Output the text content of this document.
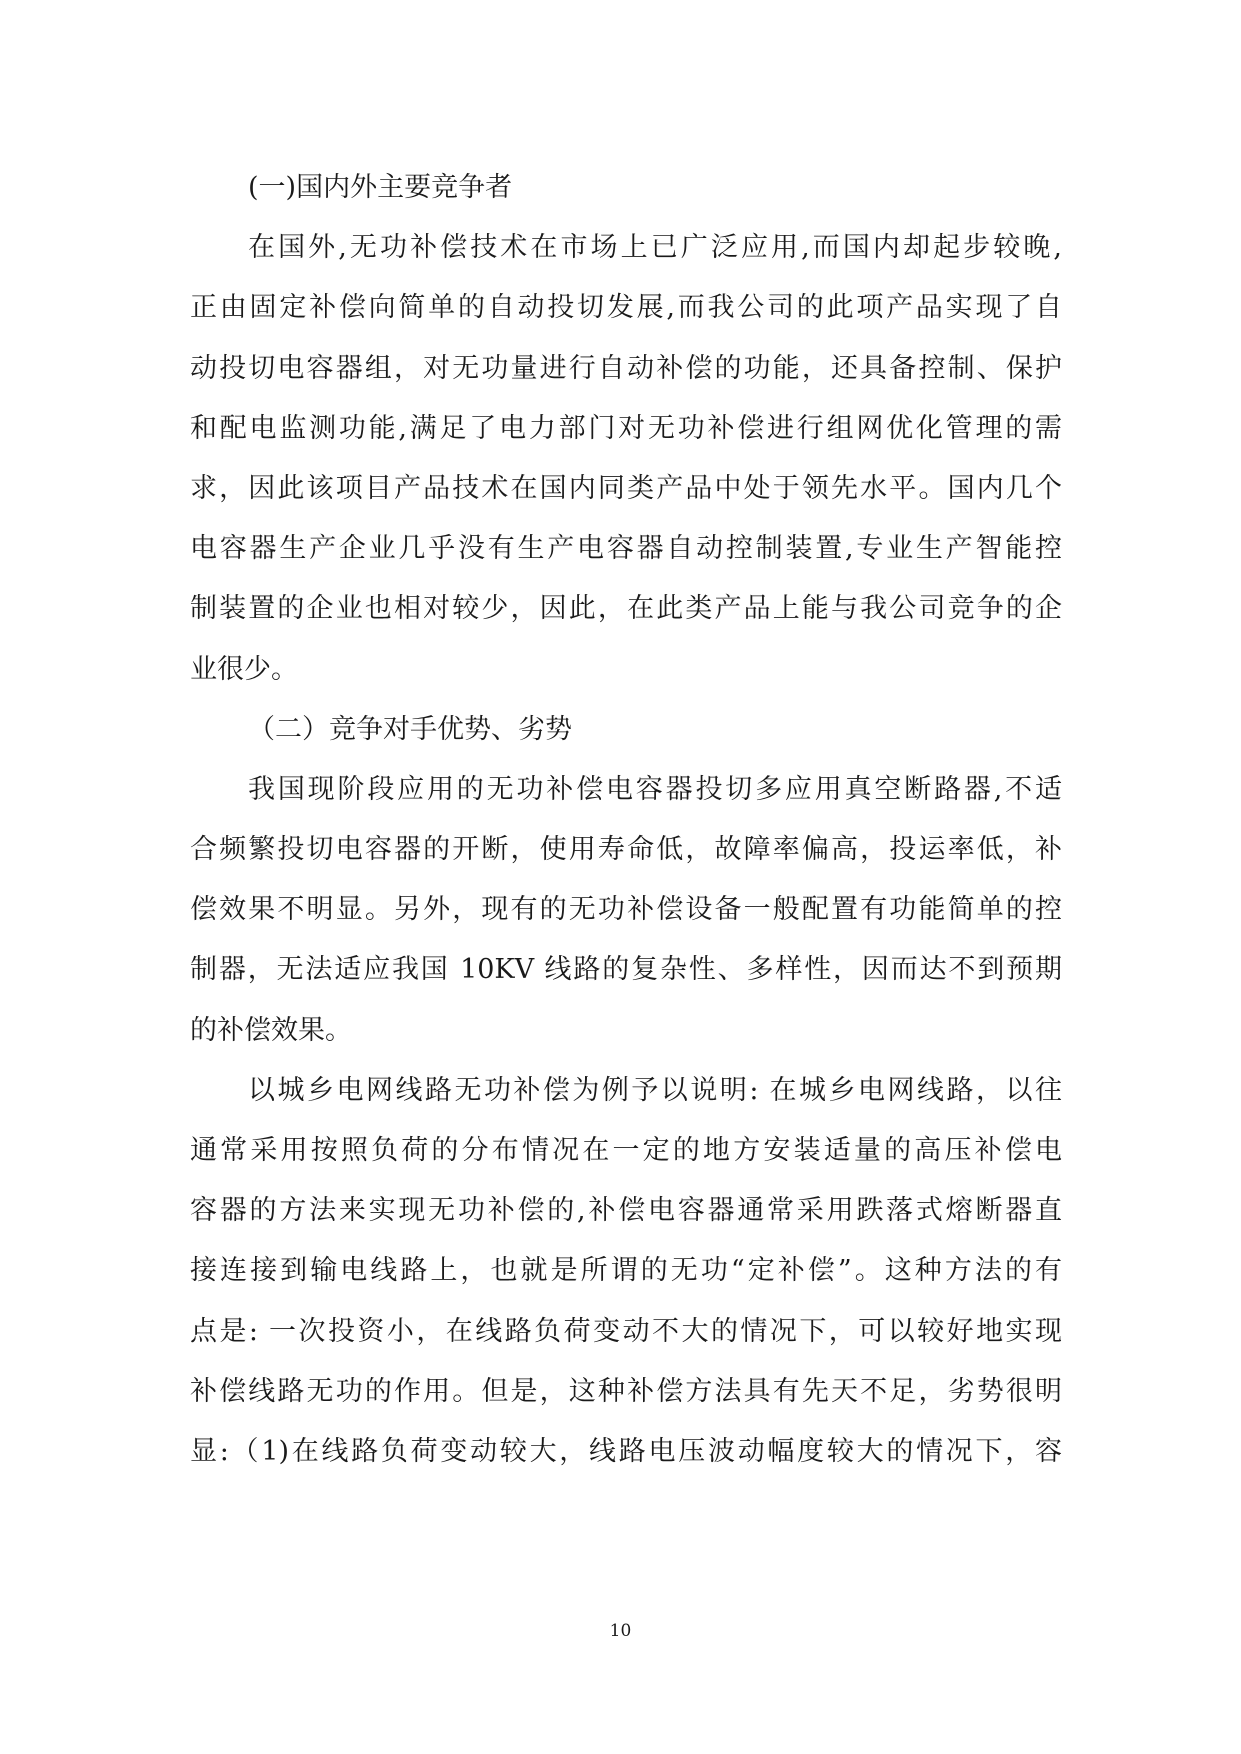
(一)国内外主要竞争者
在国外,无功补偿技术在市场上已广泛应用,而国内却起步较晚,
正由固定补偿向简单的自动投切发展,而我公司的此项产品实现了自
动投切电容器组，对无功量进行自动补偿的功能，还具备控制、保护
和配电监测功能,满足了电力部门对无功补偿进行组网优化管理的需
求，因此该项目产品技术在国内同类产品中处于领先水平。国内几个
电容器生产企业几乎没有生产电容器自动控制装置,专业生产智能控
制装置的企业也相对较少，因此，在此类产品上能与我公司竞争的企
业很少。
（二）竞争对手优势、劣势
我国现阶段应用的无功补偿电容器投切多应用真空断路器,不适
合频繁投切电容器的开断，使用寿命低，故障率偏高，投运率低，补
偿效果不明显。另外，现有的无功补偿设备一般配置有功能简单的控
制器，无法适应我国 10KV 线路的复杂性、多样性，因而达不到预期
的补偿效果。
以城乡电网线路无功补偿为例予以说明: 在城乡电网线路，以往
通常采用按照负荷的分布情况在一定的地方安装适量的高压补偿电
容器的方法来实现无功补偿的,补偿电容器通常采用跌落式熔断器直
接连接到输电线路上，也就是所谓的无功“定补偿”。这种方法的有
点是: 一次投资小，在线路负荷变动不大的情况下，可以较好地实现
补偿线路无功的作用。但是，这种补偿方法具有先天不足，劣势很明
显:（1)在线路负荷变动较大，线路电压波动幅度较大的情况下，容
10
